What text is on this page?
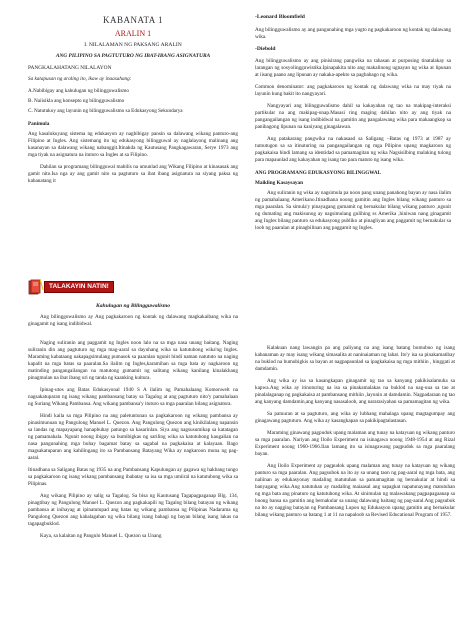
KABANATA 1
ARALIN 1
I. NILALAMAN NG PAKSANG ARALIN
ANG PILIPINO SA PAGTUTURO NG IBAT-IBANG ASIGNATURA
PANGKALAHATANG NILALAYON

Sa katapusan ng araling ito, ikaw ay inaasahang:

A.Nabibigay ang kahulugan ng bilingguwalismo

B. Naiisikla ang konsepto ng bilingguwalismo

C. Natutukoy ang layunin ng bilingguwalismo sa Edukasyong Sekundarya

Panimula

Ang kasalukuyang sistema ng edukasyon ay nagbibigay pansin sa dalawang wikang panturo-ang Filipino at Ingles. Ang sistemang ito ng edukasyong bilingguwal ay naglalayong malinang ang kasanayan sa dalawang wikang nabanggit.Itinakda ng Kautusang Pangkagawaran, Serye 1973 ang mga tiyak na asignatura na ituturo sa Ingles at sa Filipino.

Dahilan sa programang bilingguwal mabilis na umunlad ang Wikang Filipino at kinasasak ang gamit nito.Isa nga ay ang gamit nito sa pagtuturo sa ibat ibang asignatura na siyang paksa ng kabanatang it

TALAKAYIN NATIN!
Kahulugan ng Bilingguwalismo

Ang bilingguwalismo ay Ang pagkakaroon ng kontak ng dalawang magkakaibang wika na ginagamit ng isang indibidwal.

-Leonard Bloomfield

Ang bilingguwalismo ay ang pangunahing mga yugto ng pagkakaroon ng kontak ng dalawang wika.

-Diebold

Ang bilingguwalismo ay ang pinisirang pangwika na tahasan at purposing tinatalakay sa larangan ng sosyolingguwistika.Ipinapakita nito ang makalinong ugnayan ng wika at lipunan at iisang paano ang lipunan ay nakaka-apekto sa pagbabago ng wika.

Common denominator: ang pagkakaroon ng kontak ng dalawang wika na may tiyak na layunin kung bakit ito nangyayari.

Nangyayari ang bilingguwalismo dahil sa kakayahan ng tao na makipag-interaksi partikular na ang makipag-unap.Masasi ring maging dahilan nito ay ang tiyak na pangangailangan ng isang indibidwal na gamitin ang pangalawang wika para makaangkop sa panibagong lipunan na kaniyang ginagalawan.

Ang patakarang pangwika na nakasaad sa Saligang –Batas ng 1973 at 1987 ay tumutugon sa sa itinuturing na pangangailangan ng mga Pilipino upang magkaroon ng pagkakaisa hindi lamang sa identidad sa pamamagitan ng wika Nagsisilbing malaking tulong para mapaunlad ang kakayahan ng isang tao para matuto ng isang wika.

ANG PROGRAMANG EDUKASYONG BILINGGWAL

Maikling Kasaysayan

Ang suliranin ng wika ay nagsimula pa noon pang unang panahong bayan ay nasa ilalim ng pamahalaang Amerikano.Itinadhana noong gamitin ang Ingles bilang wikang panturo sa mga paaralan. Sa simula'y pinayagang gumamit ng bernakular bilang wikang panturo ,ngunit ng dumating ang makisunog ay nagsimulang gulihing ss Amerika ,hiniwan nang ginagamit ang Ingles bilang panturo sa edukasyong publiko at pinagliyan ang paggamit ng bernakular sa loob ng paaralan at pinagbilinan ang paggamit ng Ingles.

Naging suliranin ang paggamit ng Ingles noon lalo na sa mga nasa unang baitang. Naging suliranin din ang pagtuturo ng mga mag-aaral sa dayuhang wika sa katutubong wika'ng Ingles. Maraming kabataang nakapagsimulang pumasok sa paaralan ngunit hindi naman natututo na naging kapalit na mga batas sa paaralan.Sa ilalim ng Ingles,karamihan sa mga bata ay nagkaroon ng matinding pangangailangan na matutong gumamit ng salitang wikang kanilang kinalakhang pinagmulan na ibat ibang uri ng tanda ng kaanking kultura.

Ipinag-utos ang Batas Edukasyonal 1940 S A ilalim ng Pamahalaang Komonwelt na nagsakatuparan ng isang wikang pambansang batay sa Tagalog at ang pagtuturo nito'y pamahalaan ng Suriang Wikang Pambansa. Ang wikang pambansa'y ituturo sa mga paaralan bilang asignatura.

Hindi kaila sa mga Pilipino na ang paletuntunan sa pagkakaroon ng wikang pambansa ay pinasimunuan ng Pangulong Manuel L. Quezon. Ang Pangulong Quezon ang kinikilalang napansin sa landas ng mapayapang hanapbuhay patungo sa kasarinlan. Siya ang nagsusumikap sa katatagan ng pamamahala. Ngunit noong ibigay sa bumibigkas ng sariling wika sa katutubong kaugalian na nasa pangunahing mga buhay bagamat batay sa sagabal na pagkakaisa at kalayaan. Bago magsakatuparan ang kahilingang ito sa Pambansang Batayang Wika ay nagkaroon muna ng pag-aaral.

Itinadhana sa Saligang Batas ng 1935 na ang Pambansang Kapulungan ay gagawa ng hakbang tungo sa pagkakaroon ng isang wikang pambansang ibabatay sa isa sa mga umiiral na katutubong wika sa Pilipinas.

Ang wikang Pilipino ay salig sa Tagalog. Sa bisa ng Kautusang Tagapagpaganap Blg. 134, pinagtibay ng Pangulong Manuel L. Quezon ang pagkakapili ng Tagalog bilang batayan ng wikang pambansa at inihayag at ipinatutupad ang batas ng wikang pambansa ng Pilipinas Nadarama ng Pangulong Quezon ang kabalagahan ng wika bilang isang bahagi ng bayan bilang isang lakas na tagapagbuklod.

Kaya, sa kalaitan ng Pangulo Manuel L. Quezon sa Unang

Kalakuan nang lawangin pa ang paliyang na ang isang batang bumubuo ng isang kabanaman ay may isang wikang simasalita at naninaiaman ng lahat. Ito'y isa sa pinakamatibay na buklod na bumubigkis sa bayan at nagpapaunlad sa ipagkakaisa ng mga mithiin , hinggati at damdamin.

Ang wika ay isa sa kasangkapan ginagamit ng tao sa kanyang pakikisalamuha sa kapwa.Ang wika ay itinuturing na isa sa pinakamalakas na buklod na nag-uua sa tao at pinalalaganap ng pagkakaisa at pambansang mithiin ,layunin at damdamin. Nagpadaraan ng tao ang kanyang damdamin,ang kanyang nasasaloob, ang nararasiyahan sa pamamagitan ng wika.

Sa patuuran at sa pagtuturo, ang wika ay lubhang mahalaga upang magtagumpay ang ginagawang pagtuturo. Ang wika ay kasangkapan sa pakikipagtalastasan.

Maraming ginawang pagpudok upang malaman ang tunay na katayuan ng wikang panturo sa mga paaralan. Nariyan ang Iloilo Experiment na isinagawa noong 1948-1954 at ang Rizal Experiment noong 1960-1966.Ilan lamang ito sa isinagawang pagpudok sa mga paaralang bayan.

Ang Iloilo Experiment ay pagpudok upang malaman ang tunay na katayuan ng wikang panturo sa mga paaralan. Ang pagsubok na ito ay sa unang taon ng pag-aaral ng mga bata, ang naliinan ay edukasyonay madaling matutuhan sa pamamagitan ng bernakular at hindi sa banyagang wika.Ang natutuhan ay madaling maiaasal ang sapagkat napatunayang matutuhan ng mga bata ang pinaturo ng katutubong wika. At sinimulan ng malawakang pagpapagaanap sa buong bansa na gamitin ang bernakular sa unang dalawang baitang ng pag-aaral.Ang pagsubok na ito ay nagging batayan ng Pambansang Lupon ng Edukasyon upang gamitin ang bernakular bilang wikang panturo sa batang 1 at 11 na napaloob sa Revised Educational Program of 1957.
